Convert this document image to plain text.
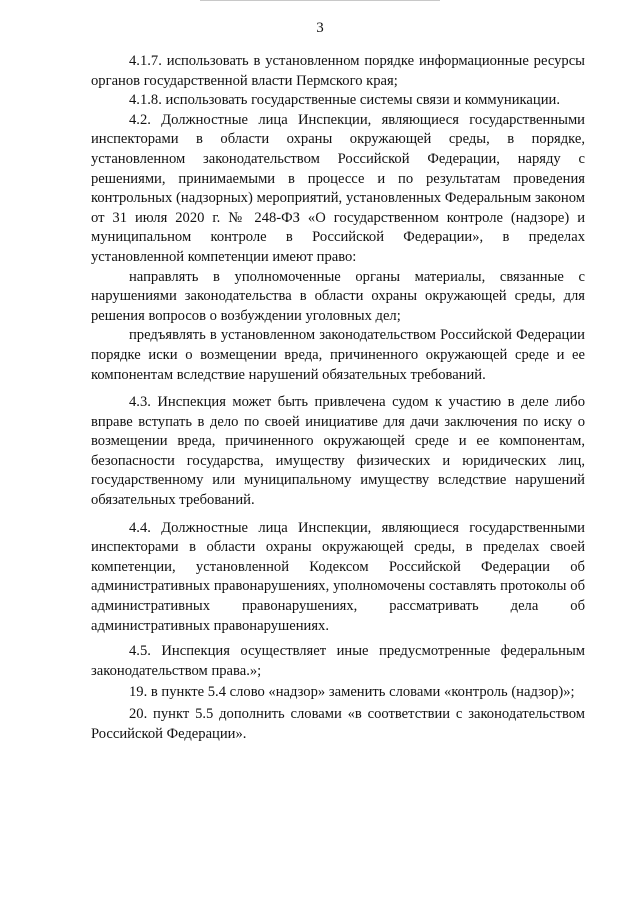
3

4.1.7. использовать в установленном порядке информационные ресурсы органов государственной власти Пермского края;

4.1.8. использовать государственные системы связи и коммуникации.

4.2. Должностные лица Инспекции, являющиеся государственными инспекторами в области охраны окружающей среды, в порядке, установленном законодательством Российской Федерации, наряду с решениями, принимаемыми в процессе и по результатам проведения контрольных (надзорных) мероприятий, установленных Федеральным законом от 31 июля 2020 г. № 248-ФЗ «О государственном контроле (надзоре) и муниципальном контроле в Российской Федерации», в пределах установленной компетенции имеют право:

направлять в уполномоченные органы материалы, связанные с нарушениями законодательства в области охраны окружающей среды, для решения вопросов о возбуждении уголовных дел;

предъявлять в установленном законодательством Российской Федерации порядке иски о возмещении вреда, причиненного окружающей среде и ее компонентам вследствие нарушений обязательных требований.

4.3. Инспекция может быть привлечена судом к участию в деле либо вправе вступать в дело по своей инициативе для дачи заключения по иску о возмещении вреда, причиненного окружающей среде и ее компонентам, безопасности государства, имуществу физических и юридических лиц, государственному или муниципальному имуществу вследствие нарушений обязательных требований.

4.4. Должностные лица Инспекции, являющиеся государственными инспекторами в области охраны окружающей среды, в пределах своей компетенции, установленной Кодексом Российской Федерации об административных правонарушениях, уполномочены составлять протоколы об административных правонарушениях, рассматривать дела об административных правонарушениях.

4.5. Инспекция осуществляет иные предусмотренные федеральным законодательством права.»;

19. в пункте 5.4 слово «надзор» заменить словами «контроль (надзор)»;

20. пункт 5.5 дополнить словами «в соответствии с законодательством Российской Федерации».
